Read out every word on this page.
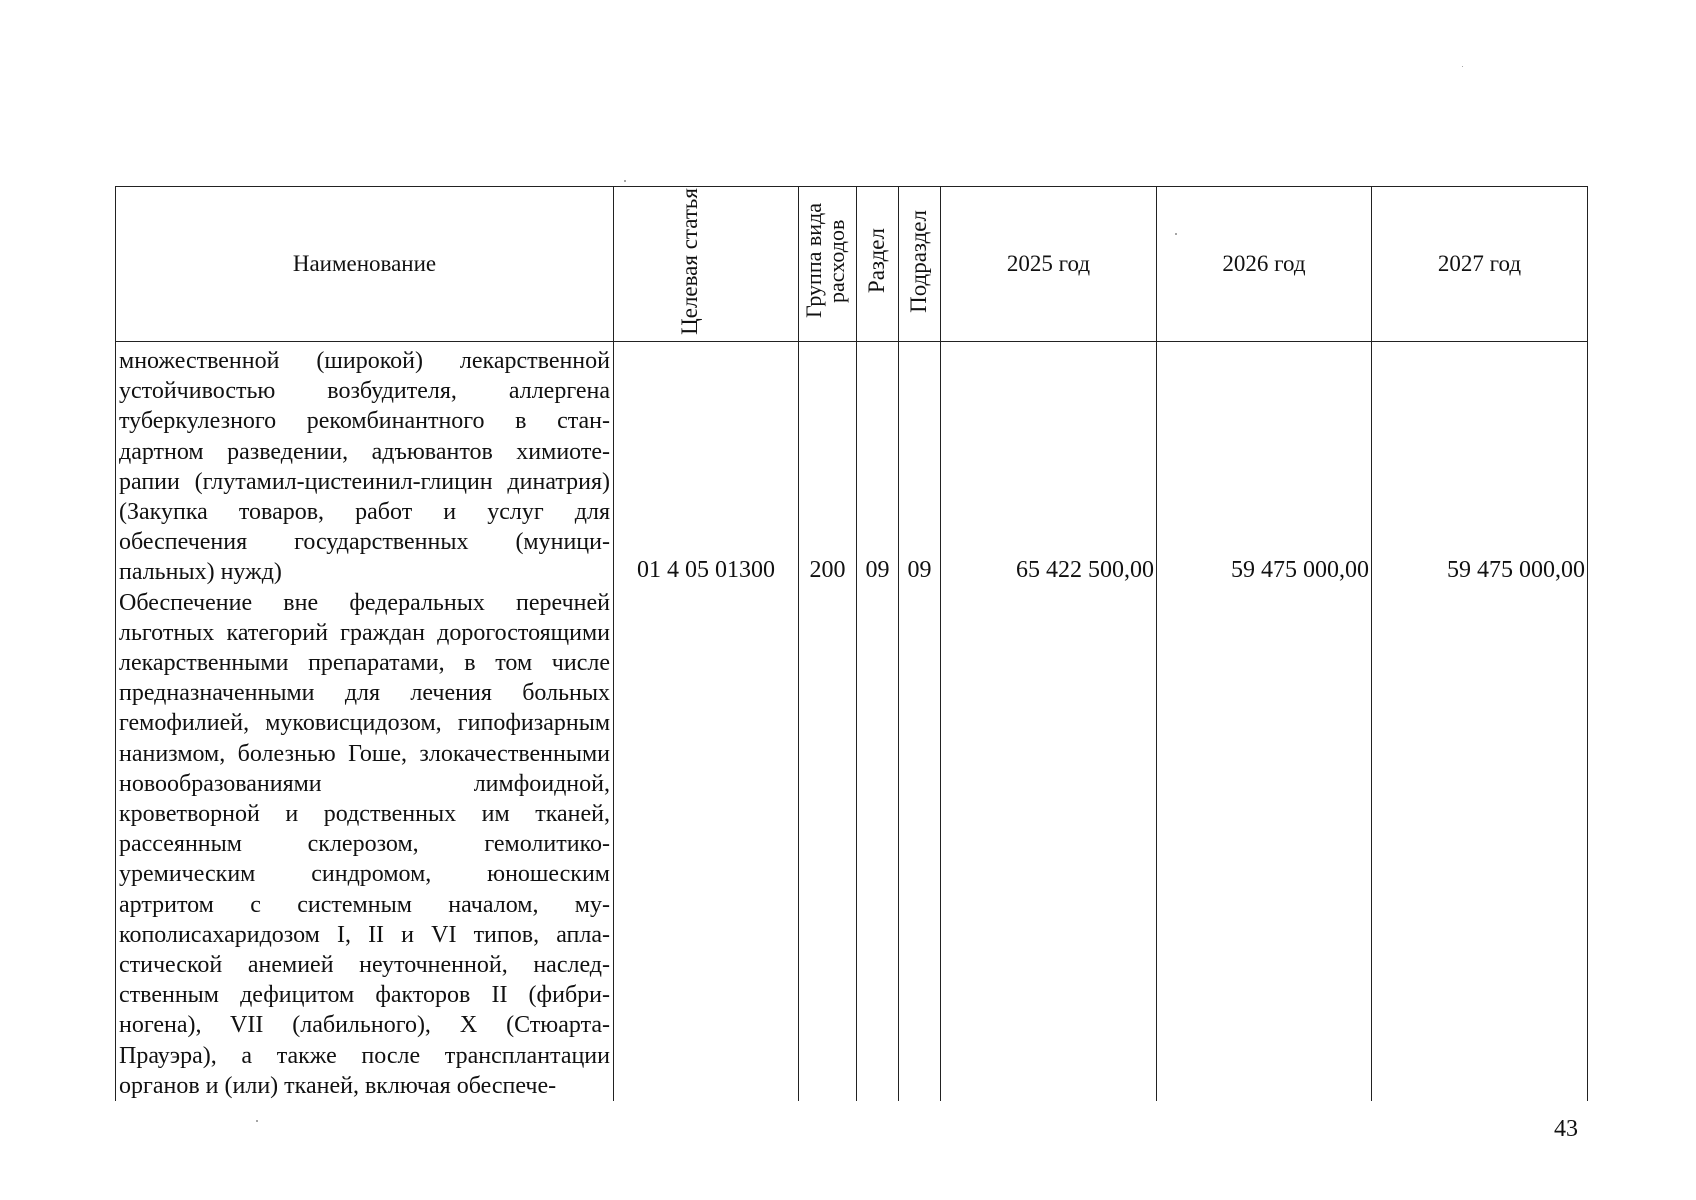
Наименование	Целевая статья	Группа вида расходов	Раздел	Подраздел	2025 год	2026 год	2027 год

множественной (широкой) лекарственной устойчивостью возбудителя, аллергена туберкулезного рекомбинантного в стандартном разведении, адъювантов химиотерапии (глутамил-цистеинил-глицин динатрия) (Закупка товаров, работ и услуг для обеспечения государственных (муниципальных) нужд)

Обеспечение вне федеральных перечней льготных категорий граждан дорогостоящими лекарственными препаратами, в том числе предназначенными для лечения больных гемофилией, муковисцидозом, гипофизарным нанизмом, болезнью Гоше, злокачественными новообразованиями лимфоидной, кроветворной и родственных им тканей, рассеянным склерозом, гемолитико-уремическим синдромом, юношеским артритом с системным началом, мукополисахаридозом I, II и VI типов, апластической анемией неуточненной, наследственным дефицитом факторов II (фибриногена), VII (лабильного), X (Стюарта-Прауэра), а также после трансплантации органов и (или) тканей, включая обеспече-	01 4 05 01300	200	09	09	65 422 500,00	59 475 000,00	59 475 000,00
43
